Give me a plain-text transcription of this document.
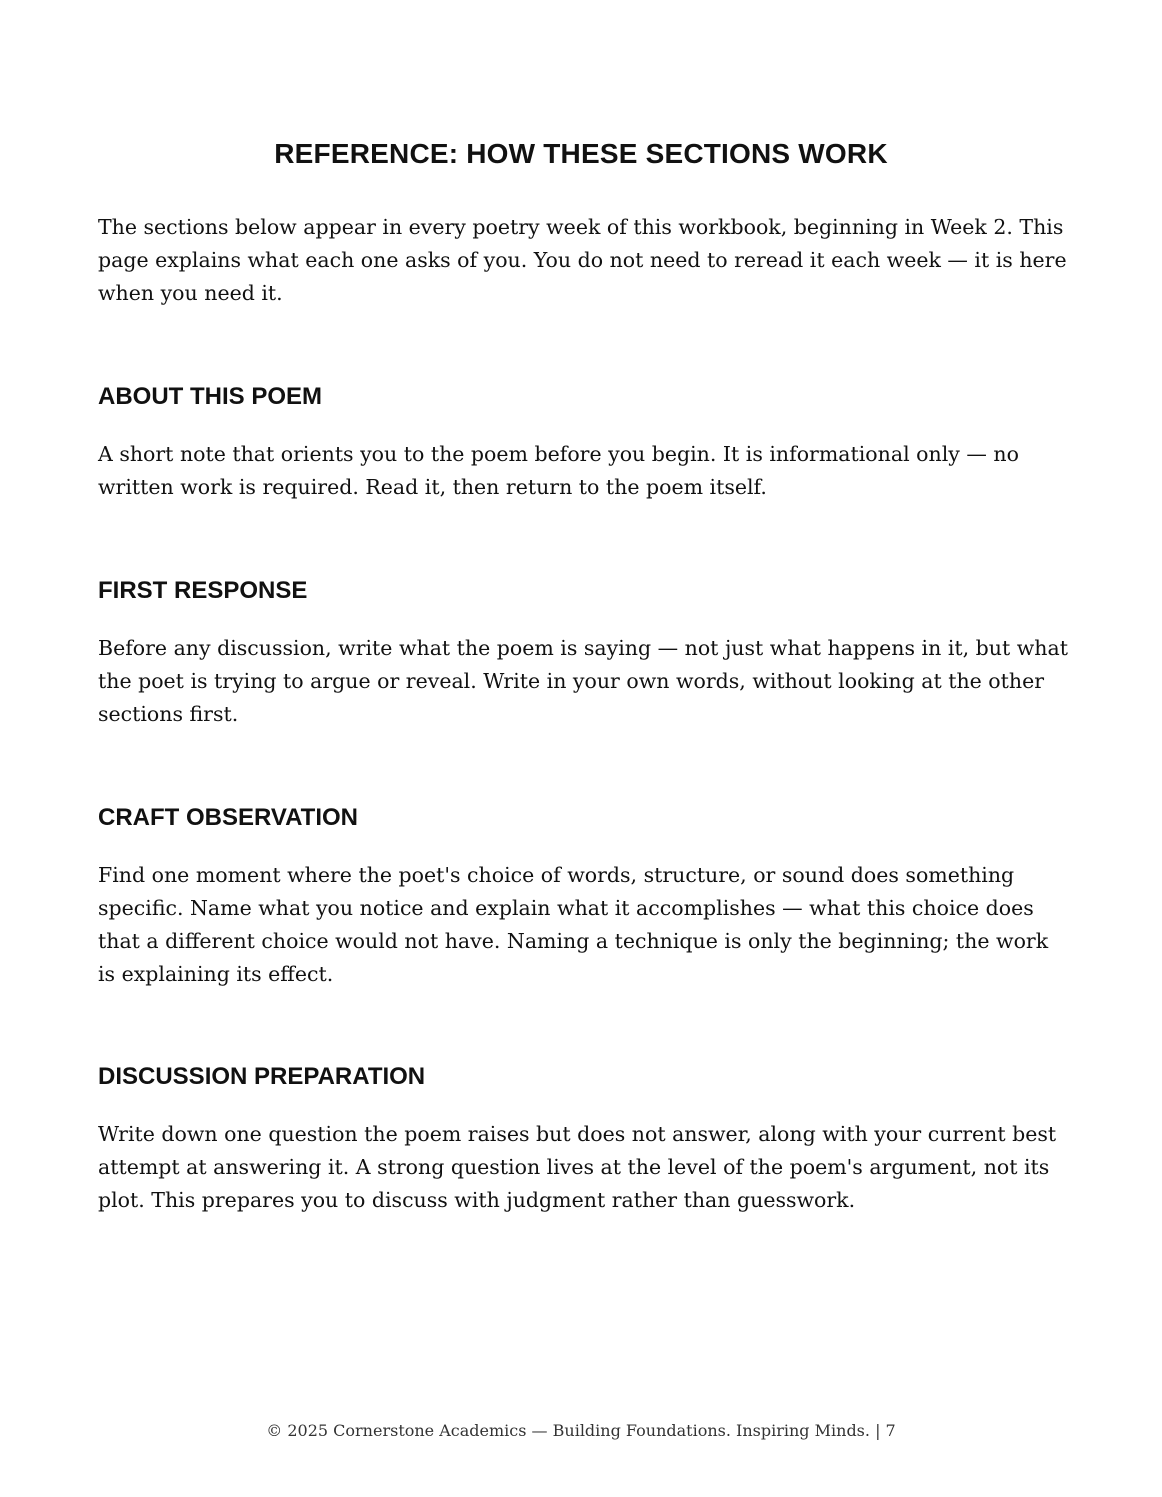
REFERENCE: HOW THESE SECTIONS WORK

The sections below appear in every poetry week of this workbook, beginning in Week 2. This page explains what each one asks of you. You do not need to reread it each week — it is here when you need it.

ABOUT THIS POEM

A short note that orients you to the poem before you begin. It is informational only — no written work is required. Read it, then return to the poem itself.

FIRST RESPONSE

Before any discussion, write what the poem is saying — not just what happens in it, but what the poet is trying to argue or reveal. Write in your own words, without looking at the other sections first.

CRAFT OBSERVATION

Find one moment where the poet's choice of words, structure, or sound does something specific. Name what you notice and explain what it accomplishes — what this choice does that a different choice would not have. Naming a technique is only the beginning; the work is explaining its effect.

DISCUSSION PREPARATION

Write down one question the poem raises but does not answer, along with your current best attempt at answering it. A strong question lives at the level of the poem's argument, not its plot. This prepares you to discuss with judgment rather than guesswork.

© 2025 Cornerstone Academics — Building Foundations. Inspiring Minds. | 7
